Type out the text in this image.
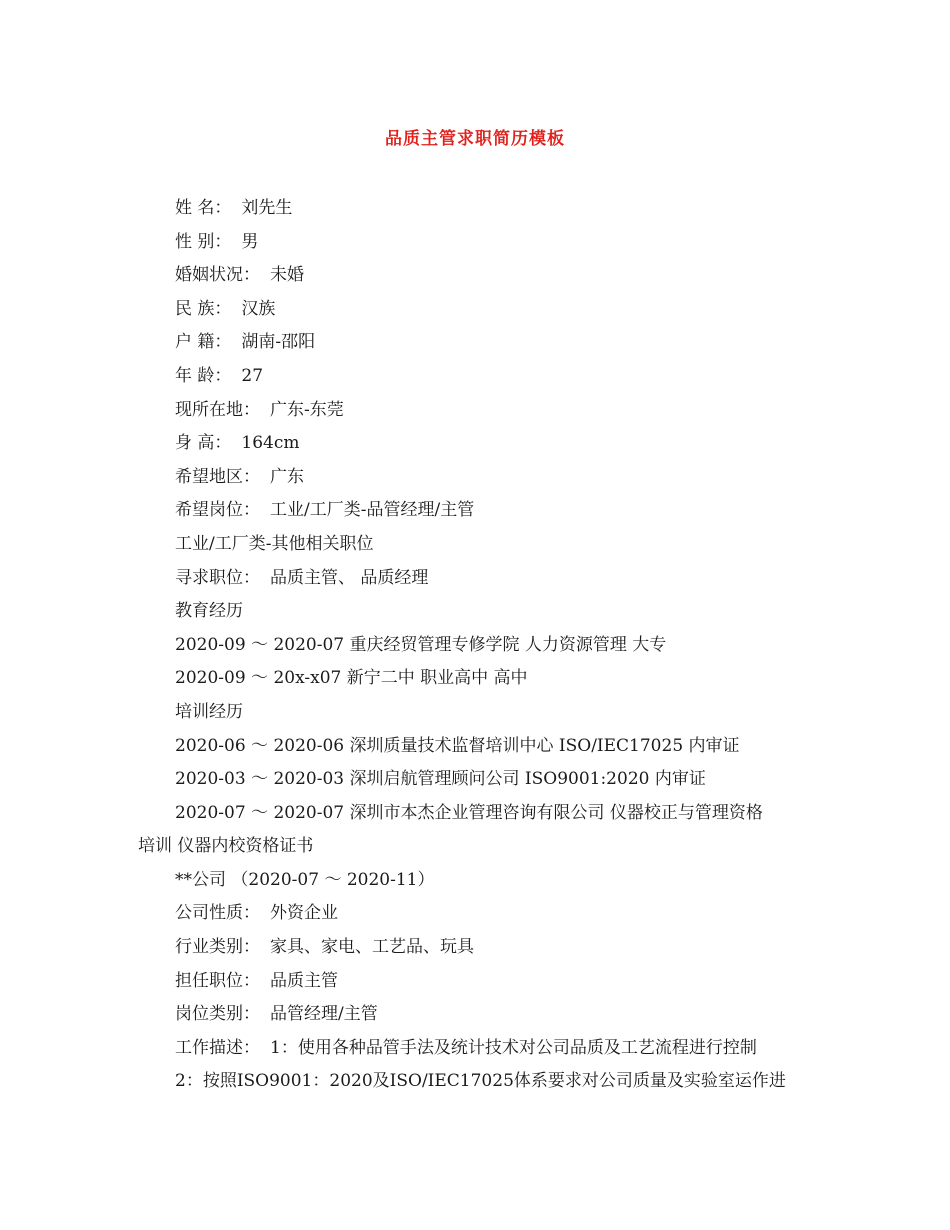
品质主管求职简历模板
姓 名： 刘先生
性 别： 男
婚姻状况： 未婚
民 族： 汉族
户 籍： 湖南-邵阳
年 龄： 27
现所在地： 广东-东莞
身 高： 164cm
希望地区： 广东
希望岗位： 工业/工厂类-品管经理/主管
工业/工厂类-其他相关职位
寻求职位： 品质主管、 品质经理
教育经历
2020-09 ～ 2020-07 重庆经贸管理专修学院 人力资源管理 大专
2020-09 ～ 20x-x07 新宁二中 职业高中 高中
培训经历
2020-06 ～ 2020-06 深圳质量技术监督培训中心 ISO/IEC17025 内审证
2020-03 ～ 2020-03 深圳启航管理顾问公司 ISO9001:2020 内审证
2020-07 ～ 2020-07 深圳市本杰企业管理咨询有限公司 仪器校正与管理资格
培训 仪器内校资格证书
**公司 （2020-07 ～ 2020-11）
公司性质： 外资企业
行业类别： 家具、家电、工艺品、玩具
担任职位： 品质主管
岗位类别： 品管经理/主管
工作描述： 1：使用各种品管手法及统计技术对公司品质及工艺流程进行控制
2：按照ISO9001：2020及ISO/IEC17025体系要求对公司质量及实验室运作进
